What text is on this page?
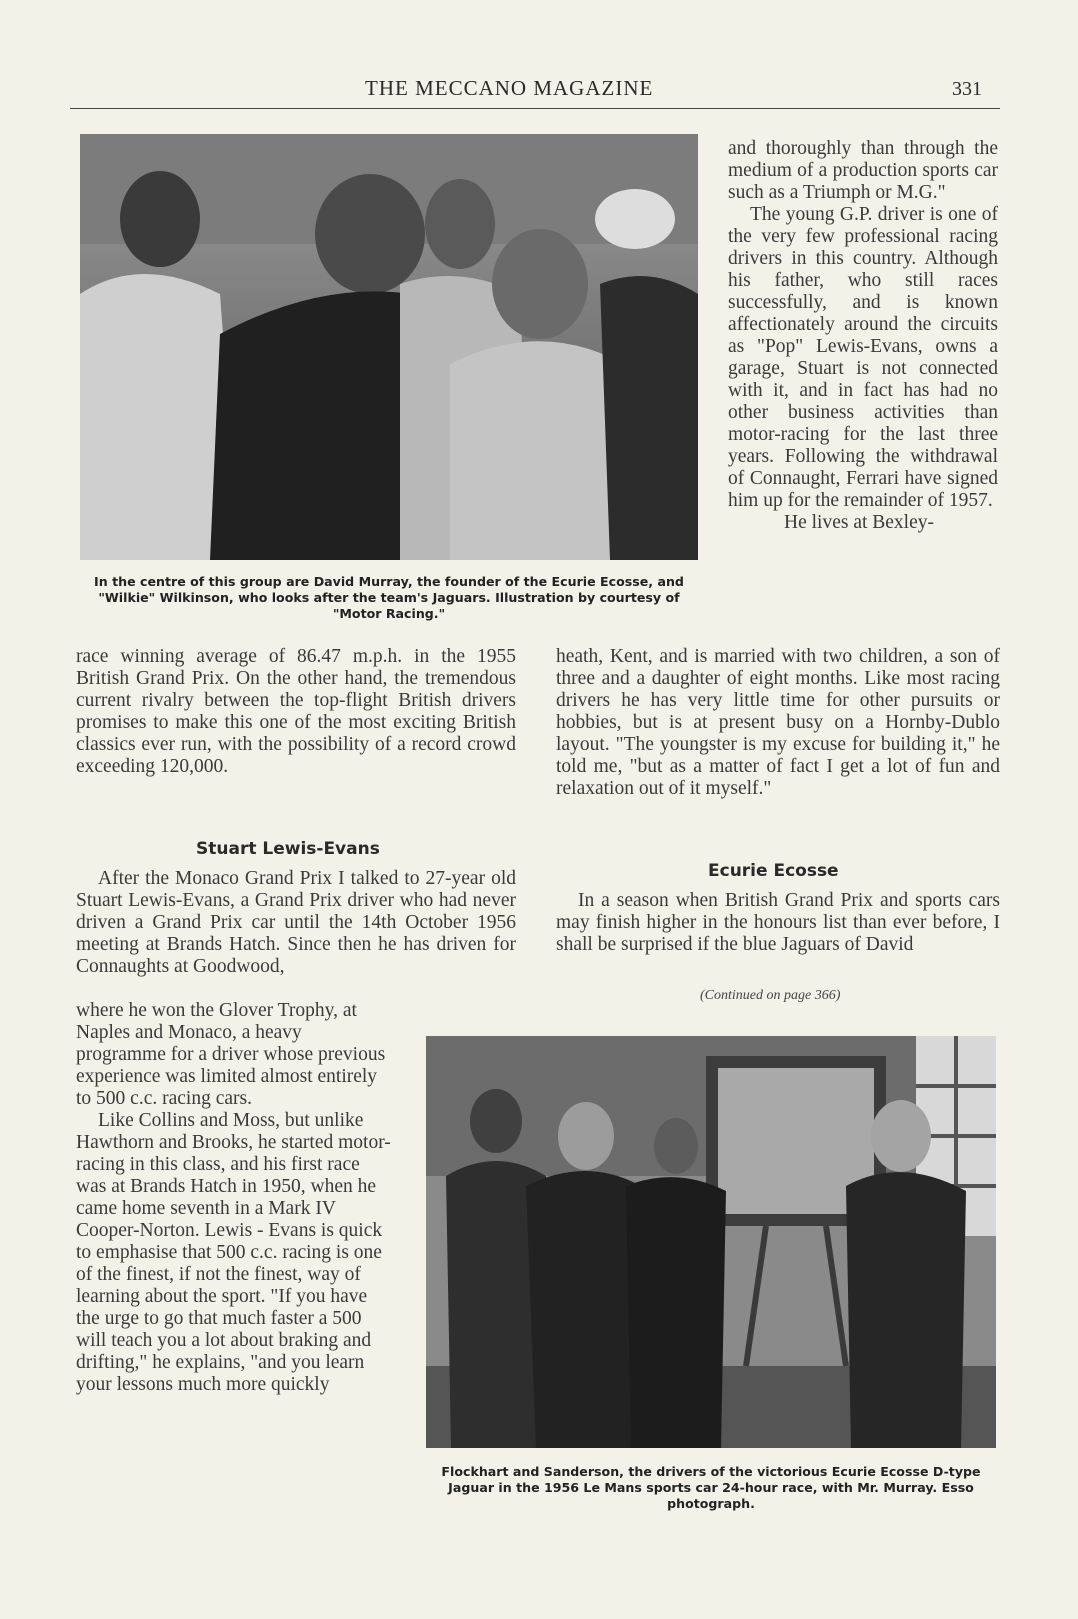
THE MECCANO MAGAZINE	331
In the centre of this group are David Murray, the founder of the Ecurie Ecosse, and "Wilkie" Wilkinson, who looks after the team's Jaguars. Illustration by courtesy of "Motor Racing."

and thoroughly than through the medium of a production sports car such as a Triumph or M.G."

The young G.P. driver is one of the very few professional racing drivers in this country. Although his father, who still races successfully, and is known affectionately around the circuits as "Pop" Lewis-Evans, owns a garage, Stuart is not connected with it, and in fact has had no other business activities than motor-racing for the last three years. Following the withdrawal of Connaught, Ferrari have signed him up for the remainder of 1957.

He lives at Bexley-

race winning average of 86.47 m.p.h. in the 1955 British Grand Prix. On the other hand, the tremendous current rivalry between the top-flight British drivers promises to make this one of the most exciting British classics ever run, with the possibility of a record crowd exceeding 120,000.

Stuart Lewis-Evans

After the Monaco Grand Prix I talked to 27-year old Stuart Lewis-Evans, a Grand Prix driver who had never driven a Grand Prix car until the 14th October 1956 meeting at Brands Hatch. Since then he has driven for Connaughts at Goodwood,

where he won the Glover Trophy, at Naples and Monaco, a heavy programme for a driver whose previous experience was limited almost entirely to 500 c.c. racing cars.

Like Collins and Moss, but unlike Hawthorn and Brooks, he started motor-racing in this class, and his first race was at Brands Hatch in 1950, when he came home seventh in a Mark IV Cooper-Norton. Lewis - Evans is quick to emphasise that 500 c.c. racing is one of the finest, if not the finest, way of learning about the sport. "If you have the urge to go that much faster a 500 will teach you a lot about braking and drifting," he explains, "and you learn your lessons much more quickly

heath, Kent, and is married with two children, a son of three and a daughter of eight months. Like most racing drivers he has very little time for other pursuits or hobbies, but is at present busy on a Hornby-Dublo layout. "The youngster is my excuse for building it," he told me, "but as a matter of fact I get a lot of fun and relaxation out of it myself."

Ecurie Ecosse

In a season when British Grand Prix and sports cars may finish higher in the honours list than ever before, I shall be surprised if the blue Jaguars of David

(Continued on page 366)
Flockhart and Sanderson, the drivers of the victorious Ecurie Ecosse D-type Jaguar in the 1956 Le Mans sports car 24-hour race, with Mr. Murray. Esso photograph.
